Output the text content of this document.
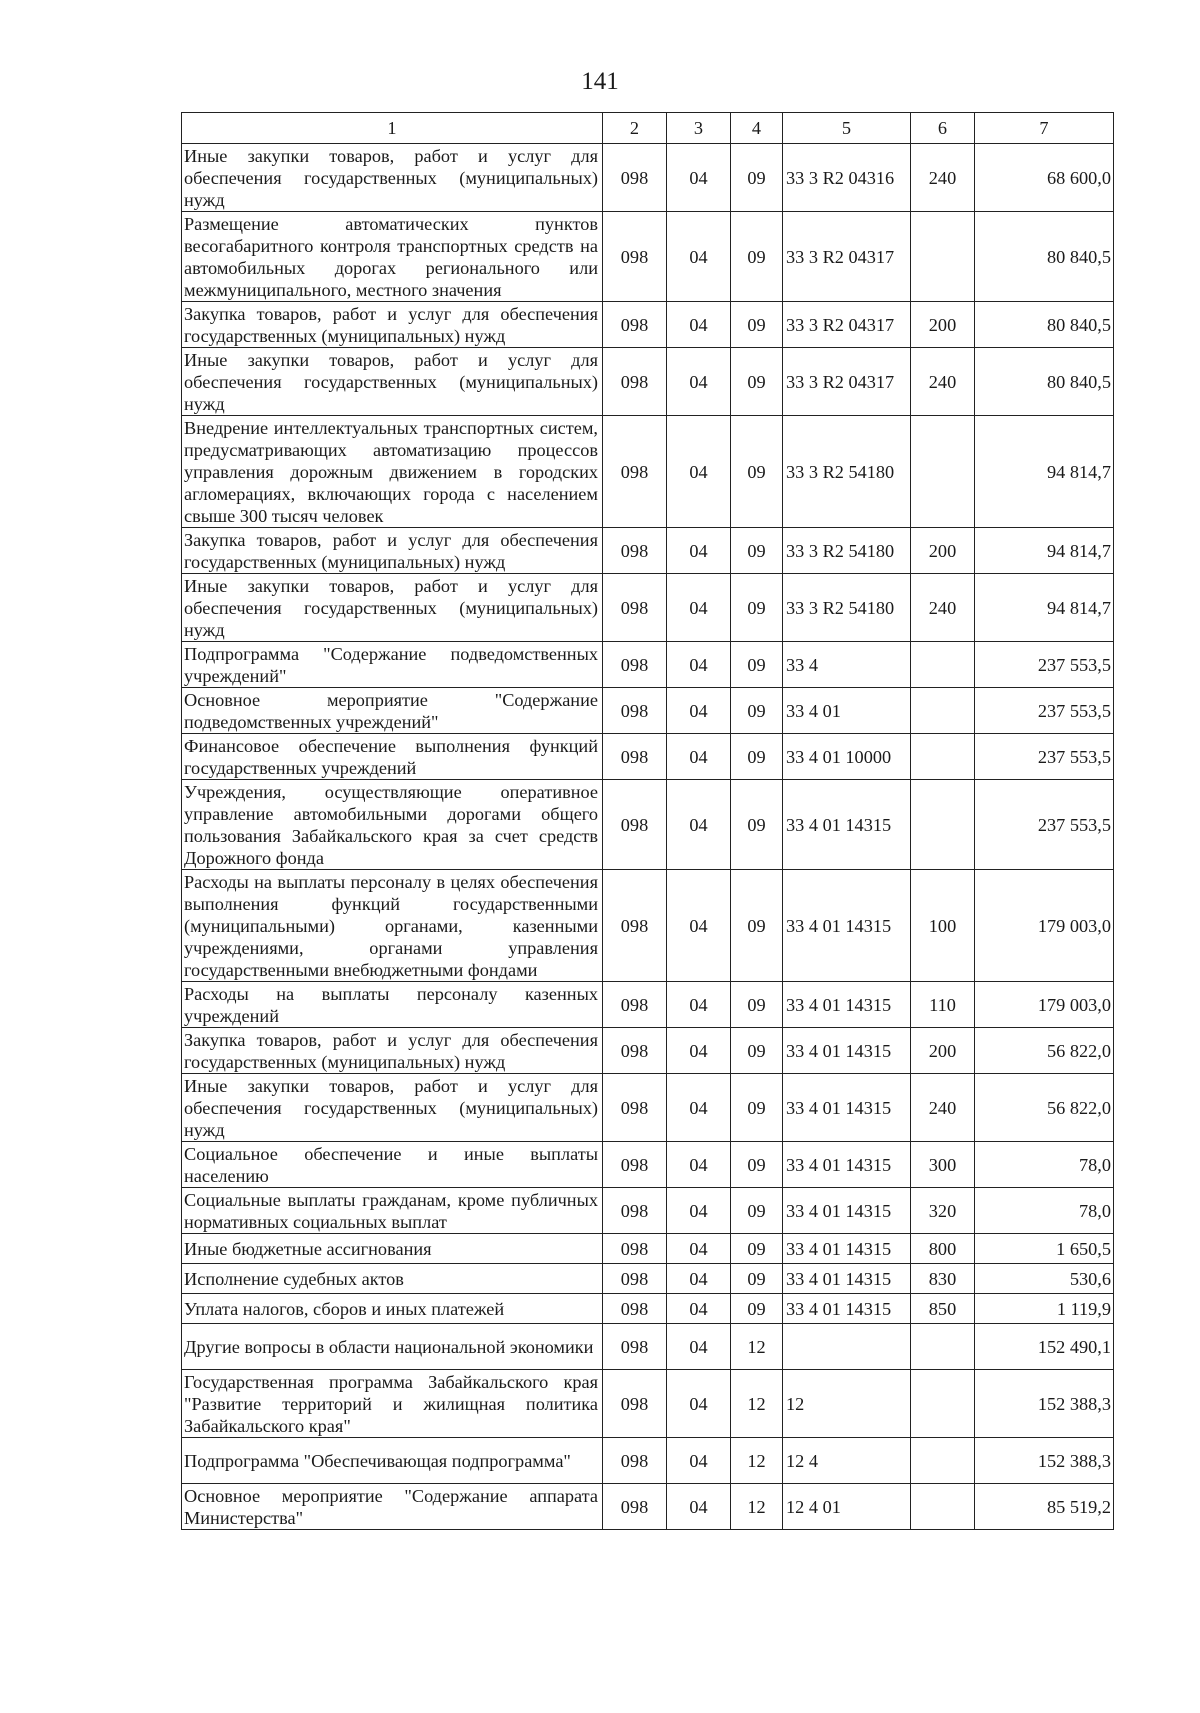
141
1	2	3	4	5	6	7
Иные закупки товаров, работ и услуг для обеспечения государственных (муниципальных) нужд	098	04	09	33 3 R2 04316	240	68 600,0
Размещение автоматических пунктов весогабаритного контроля транспортных средств на автомобильных дорогах регионального или межмуниципального, местного значения	098	04	09	33 3 R2 04317		80 840,5
Закупка товаров, работ и услуг для обеспечения государственных (муниципальных) нужд	098	04	09	33 3 R2 04317	200	80 840,5
Иные закупки товаров, работ и услуг для обеспечения государственных (муниципальных) нужд	098	04	09	33 3 R2 04317	240	80 840,5
Внедрение интеллектуальных транспортных систем, предусматривающих автоматизацию процессов управления дорожным движением в городских агломерациях, включающих города с населением свыше 300 тысяч человек	098	04	09	33 3 R2 54180		94 814,7
Закупка товаров, работ и услуг для обеспечения государственных (муниципальных) нужд	098	04	09	33 3 R2 54180	200	94 814,7
Иные закупки товаров, работ и услуг для обеспечения государственных (муниципальных) нужд	098	04	09	33 3 R2 54180	240	94 814,7
Подпрограмма "Содержание подведомственных учреждений"	098	04	09	33 4		237 553,5
Основное мероприятие "Содержание подведомственных учреждений"	098	04	09	33 4 01		237 553,5
Финансовое обеспечение выполнения функций государственных учреждений	098	04	09	33 4 01 10000		237 553,5
Учреждения, осуществляющие оперативное управление автомобильными дорогами общего пользования Забайкальского края за счет средств Дорожного фонда	098	04	09	33 4 01 14315		237 553,5
Расходы на выплаты персоналу в целях обеспечения выполнения функций государственными (муниципальными) органами, казенными учреждениями, органами управления государственными внебюджетными фондами	098	04	09	33 4 01 14315	100	179 003,0
Расходы на выплаты персоналу казенных учреждений	098	04	09	33 4 01 14315	110	179 003,0
Закупка товаров, работ и услуг для обеспечения государственных (муниципальных) нужд	098	04	09	33 4 01 14315	200	56 822,0
Иные закупки товаров, работ и услуг для обеспечения государственных (муниципальных) нужд	098	04	09	33 4 01 14315	240	56 822,0
Социальное обеспечение и иные выплаты населению	098	04	09	33 4 01 14315	300	78,0
Социальные выплаты гражданам, кроме публичных нормативных социальных выплат	098	04	09	33 4 01 14315	320	78,0
Иные бюджетные ассигнования	098	04	09	33 4 01 14315	800	1 650,5
Исполнение судебных актов	098	04	09	33 4 01 14315	830	530,6
Уплата налогов, сборов и иных платежей	098	04	09	33 4 01 14315	850	1 119,9
Другие вопросы в области национальной экономики	098	04	12			152 490,1
Государственная программа Забайкальского края "Развитие территорий и жилищная политика Забайкальского края"	098	04	12	12		152 388,3
Подпрограмма "Обеспечивающая подпрограмма"	098	04	12	12 4		152 388,3
Основное мероприятие "Содержание аппарата Министерства"	098	04	12	12 4 01		85 519,2
